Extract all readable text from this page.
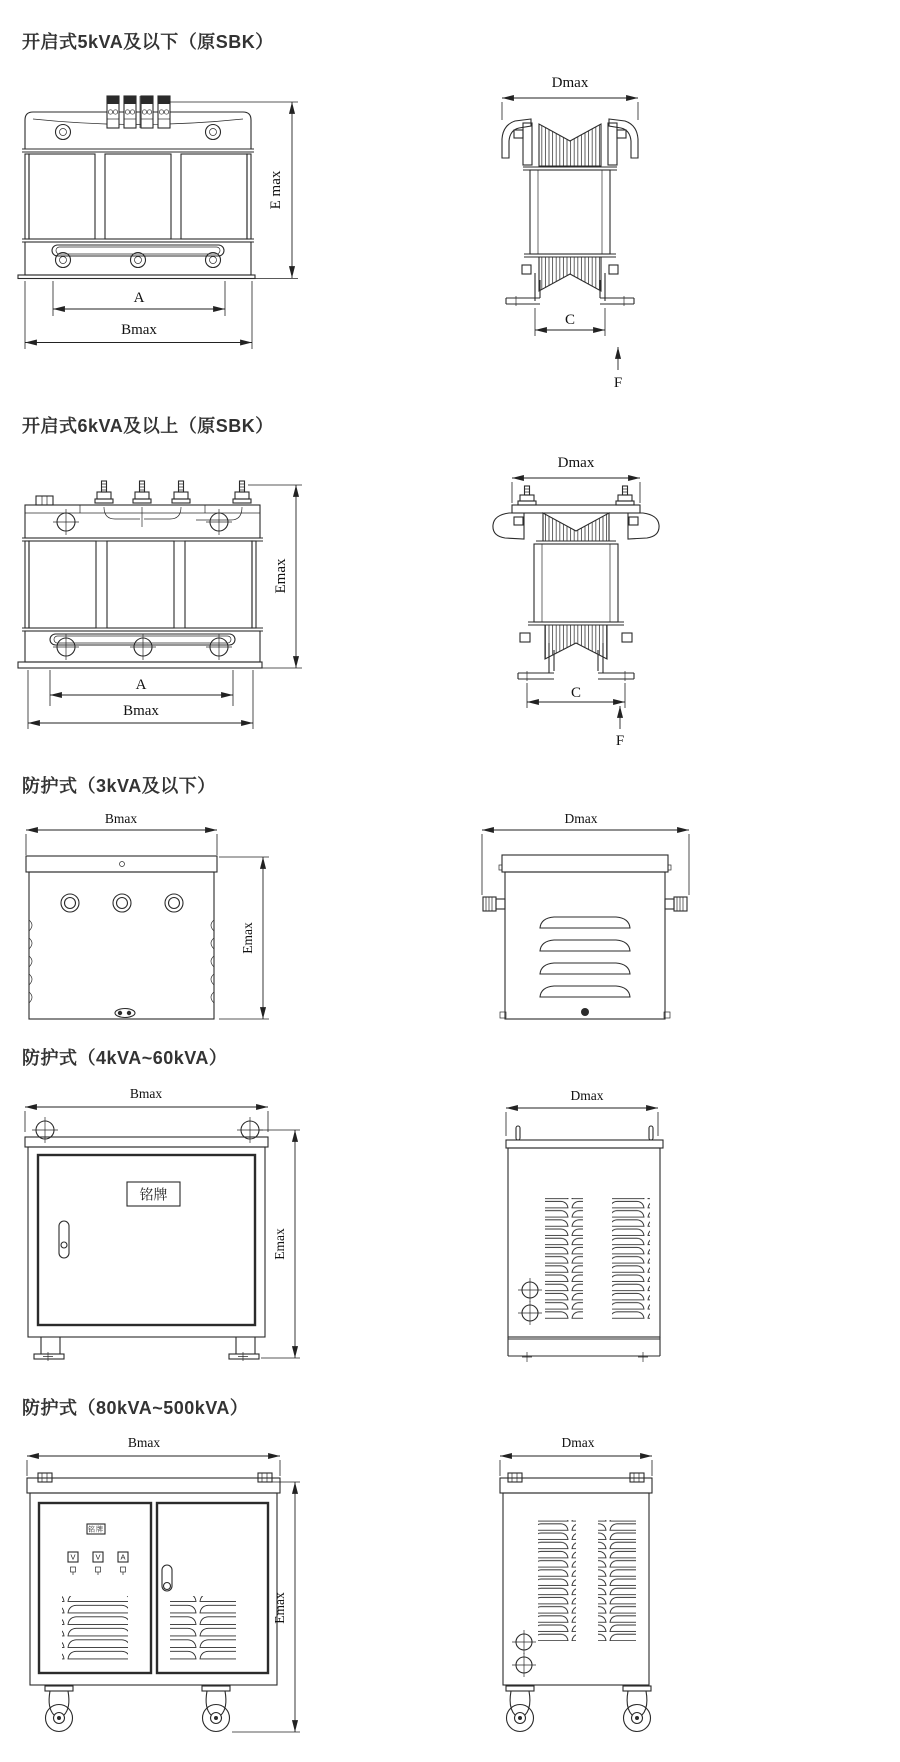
开启式5kVA及以下（原SBK）
E max
A
Bmax
Dmax
C
F
开启式6kVA及以上（原SBK）
Emax
A
Bmax
Dmax
C
F
防护式（3kVA及以下）
Bmax
Emax
Dmax
防护式（4kVA~60kVA）
铭牌
Bmax
Emax
Dmax
防护式（80kVA~500kVA）
铭牌
V	V	A
Bmax
Emax
Dmax
